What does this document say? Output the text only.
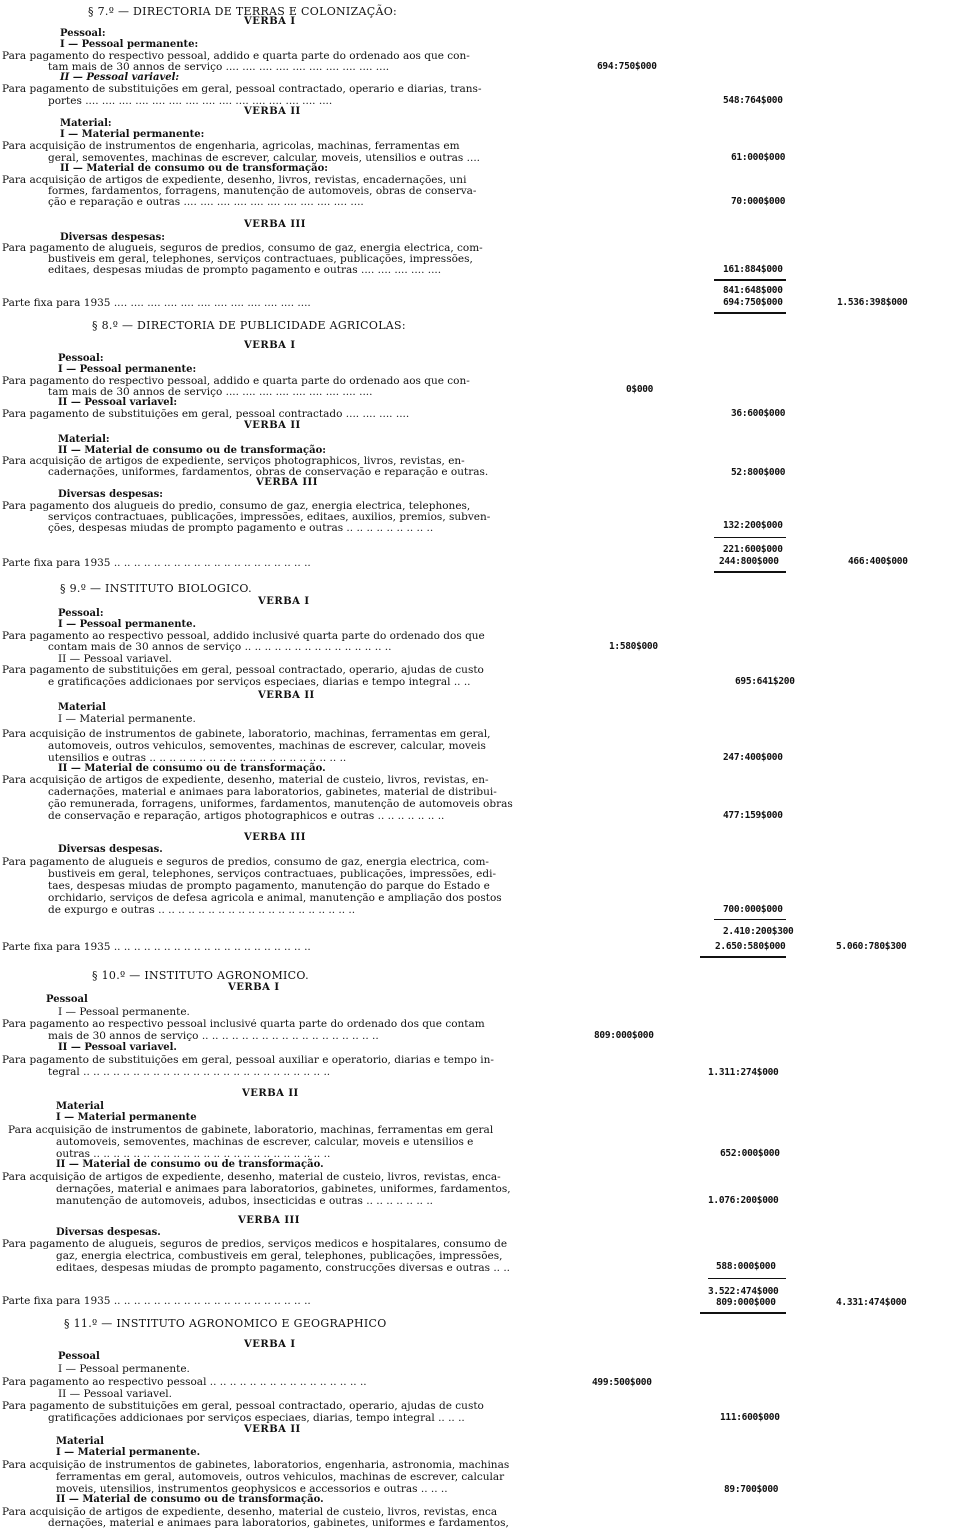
§ 7.º — DIRECTORIA DE TERRAS E COLONIZAÇÃO:
VERBA I
Pessoal:
I — Pessoal permanente:
Para pagamento do respectivo pessoal, addido e quarta parte do ordenado aos que con-
tam mais de 30 annos de serviço .... .... .... .... .... .... .... .... .... ....	694:750$000
II — Pessoal variavel:
Para pagamento de substituições em geral, pessoal contractado, operario e diarias, trans-
portes .... .... .... .... .... .... .... .... .... .... .... .... .... .... ....	548:764$000
VERBA II
Material:
I — Material permanente:
Para acquisição de instrumentos de engenharia, agricolas, machinas, ferramentas em
geral, semoventes, machinas de escrever, calcular, moveis, utensilios e outras ....	61:000$000
II — Material de consumo ou de transformação:
Para acquisição de artigos de expediente, desenho, livros, revistas, encadernações, uni
formes, fardamentos, forragens, manutenção de automoveis, obras de conserva-
ção e reparação e outras .... .... .... .... .... .... .... .... .... .... ....	70:000$000
VERBA III
Diversas despesas:
Para pagamento de alugueis, seguros de predios, consumo de gaz, energia electrica, com-
bustiveis em geral, telephones, serviços contractuaes, publicações, impressões,
editaes, despesas miudas de prompto pagamento e outras .... .... .... .... ....	161:884$000
841:648$000
Parte fixa para 1935 .... .... .... .... .... .... .... .... .... .... .... ....	694:750$000	1.536:398$000
§ 8.º — DIRECTORIA DE PUBLICIDADE AGRICOLAS:
VERBA I
Pessoal:
I — Pessoal permanente:
Para pagamento do respectivo pessoal, addido e quarta parte do ordenado aos que con-
tam mais de 30 annos de serviço .... .... .... .... .... .... .... .... ....	0$000
II — Pessoal variavel:
Para pagamento de substituições em geral, pessoal contractado .... .... .... ....	36:600$000
VERBA II
Material:
II — Material de consumo ou de transformação:
Para acquisição de artigos de expediente, serviços photographicos, livros, revistas, en-
cadernações, uniformes, fardamentos, obras de conservação e reparação e outras.	52:800$000
VERBA III
Diversas despesas:
Para pagamento dos alugueis do predio, consumo de gaz, energia electrica, telephones,
serviços contractuaes, publicações, impressões, editaes, auxilios, premios, subven-
ções, despesas miudas de prompto pagamento e outras .. .. .. .. .. .. .. .. ..	132:200$000
221:600$000
Parte fixa para 1935 .. .. .. .. .. .. .. .. .. .. .. .. .. .. .. .. .. .. .. ..	244:800$000	466:400$000
§ 9.º — INSTITUTO BIOLOGICO.
VERBA I
Pessoal:
I — Pessoal permanente.
Para pagamento ao respectivo pessoal, addido inclusivé quarta parte do ordenado dos que
contam mais de 30 annos de serviço .. .. .. .. .. .. .. .. .. .. .. .. .. .. ..	1:580$000
II — Pessoal variavel.
Para pagamento de substituições em geral, pessoal contractado, operario, ajudas de custo
e gratificações addicionaes por serviços especiaes, diarias e tempo integral .. ..	695:641$200
VERBA II
Material
I — Material permanente.
Para acquisição de instrumentos de gabinete, laboratorio, machinas, ferramentas em geral,
automoveis, outros vehiculos, semoventes, machinas de escrever, calcular, moveis
utensilios e outras .. .. .. .. .. .. .. .. .. .. .. .. .. .. .. .. .. .. .. ..	247:400$000
II — Material de consumo ou de transformação.
Para acquisição de artigos de expediente, desenho, material de custeio, livros, revistas, en-
cadernações, material e animaes para laboratorios, gabinetes, material de distribui-
ção remunerada, forragens, uniformes, fardamentos, manutenção de automoveis obras
de conservação e reparação, artigos photographicos e outras .. .. .. .. .. .. ..	477:159$000
VERBA III
Diversas despesas.
Para pagamento de alugueis e seguros de predios, consumo de gaz, energia electrica, com-
bustiveis em geral, telephones, serviços contractuaes, publicações, impressões, edi-
taes, despesas miudas de prompto pagamento, manutenção do parque do Estado e
orchidario, serviços de defesa agricola e animal, manutenção e ampliação dos postos
de expurgo e outras .. .. .. .. .. .. .. .. .. .. .. .. .. .. .. .. .. .. .. ..	700:000$000
2.410:200$300
Parte fixa para 1935 .. .. .. .. .. .. .. .. .. .. .. .. .. .. .. .. .. .. .. ..	2.650:580$000	5.060:780$300
§ 10.º — INSTITUTO AGRONOMICO.
VERBA I
Pessoal
I — Pessoal permanente.
Para pagamento ao respectivo pessoal inclusivé quarta parte do ordenado dos que contam
mais de 30 annos de serviço .. .. .. .. .. .. .. .. .. .. .. .. .. .. .. .. .. ..	809:000$000
II — Pessoal variavel.
Para pagamento de substituições em geral, pessoal auxiliar e operatorio, diarias e tempo in-
tegral .. .. .. .. .. .. .. .. .. .. .. .. .. .. .. .. .. .. .. .. .. .. .. .. ..	1.311:274$000
VERBA II
Material
I — Material permanente
Para acquisição de instrumentos de gabinete, laboratorio, machinas, ferramentas em geral
automoveis, semoventes, machinas de escrever, calcular, moveis e utensilios e
outras .. .. .. .. .. .. .. .. .. .. .. .. .. .. .. .. .. .. .. .. .. .. .. ..	652:000$000
II — Material de consumo ou de transformação.
Para acquisição de artigos de expediente, desenho, material de custeio, livros, revistas, enca-
dernações, material e animaes para laboratorios, gabinetes, uniformes, fardamentos,
manutenção de automoveis, adubos, insecticidas e outras .. .. .. .. .. .. ..	1.076:200$000
VERBA III
Diversas despesas.
Para pagamento de alugueis, seguros de predios, serviços medicos e hospitalares, consumo de
gaz, energia electrica, combustiveis em geral, telephones, publicações, impressões,
editaes, despesas miudas de prompto pagamento, construcções diversas e outras .. ..	588:000$000
3.522:474$000
Parte fixa para 1935 .. .. .. .. .. .. .. .. .. .. .. .. .. .. .. .. .. .. .. ..	809:000$000	4.331:474$000
§ 11.º — INSTITUTO AGRONOMICO E GEOGRAPHICO
VERBA I
Pessoal
I — Pessoal permanente.
Para pagamento ao respectivo pessoal .. .. .. .. .. .. .. .. .. .. .. .. .. .. .. ..	499:500$000
II — Pessoal variavel.
Para pagamento de substituições em geral, pessoal contractado, operario, ajudas de custo
gratificações addicionaes por serviços especiaes, diarias, tempo integral .. .. ..	111:600$000
VERBA II
Material
I — Material permanente.
Para acquisição de instrumentos de gabinetes, laboratorios, engenharia, astronomia, machinas
ferramentas em geral, automoveis, outros vehiculos, machinas de escrever, calcular
moveis, utensilios, instrumentos geophysicos e accessorios e outras .. .. ..	89:700$000
II — Material de consumo ou de transformação.
Para acquisição de artigos de expediente, desenho, material de custeio, livros, revistas, enca
dernações, material e animaes para laboratorios, gabinetes, uniformes e fardamentos,
